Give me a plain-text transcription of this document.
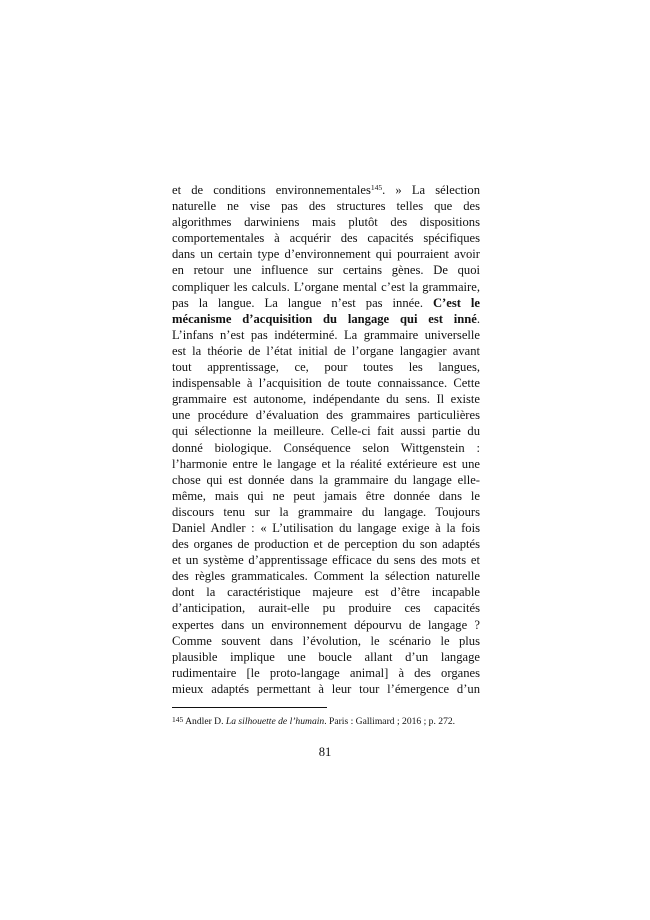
et de conditions environnementales$^{145}$. » La sélection
naturelle ne vise pas des structures telles que des
algorithmes darwiniens mais plutôt des dispositions
comportementales à acquérir des capacités spécifiques
dans un certain type d’environnement qui pourraient avoir
en retour une influence sur certains gènes. De quoi
compliquer les calculs. L’organe mental c’est la grammaire,
pas la langue. La langue n’est pas innée. C’est le
mécanisme d’acquisition du langage qui est inné.
L’infans n’est pas indéterminé. La grammaire universelle
est la théorie de l’état initial de l’organe langagier avant
tout apprentissage, ce, pour toutes les langues,
indispensable à l’acquisition de toute connaissance. Cette
grammaire est autonome, indépendante du sens. Il existe
une procédure d’évaluation des grammaires particulières
qui sélectionne la meilleure. Celle-ci fait aussi partie du
donné biologique. Conséquence selon Wittgenstein :
l’harmonie entre le langage et la réalité extérieure est une
chose qui est donnée dans la grammaire du langage elle-
même, mais qui ne peut jamais être donnée dans le
discours tenu sur la grammaire du langage. Toujours
Daniel Andler : « L’utilisation du langage exige à la fois
des organes de production et de perception du son adaptés
et un système d’apprentissage efficace du sens des mots et
des règles grammaticales. Comment la sélection naturelle
dont la caractéristique majeure est d’être incapable
d’anticipation, aurait-elle pu produire ces capacités
expertes dans un environnement dépourvu de langage ?
Comme souvent dans l’évolution, le scénario le plus
plausible implique une boucle allant d’un langage
rudimentaire [le proto-langage animal] à des organes
mieux adaptés permettant à leur tour l’émergence d’un
$^{145}$ Andler D. La silhouette de l’humain. Paris : Gallimard ; 2016 ; p. 272.
81
